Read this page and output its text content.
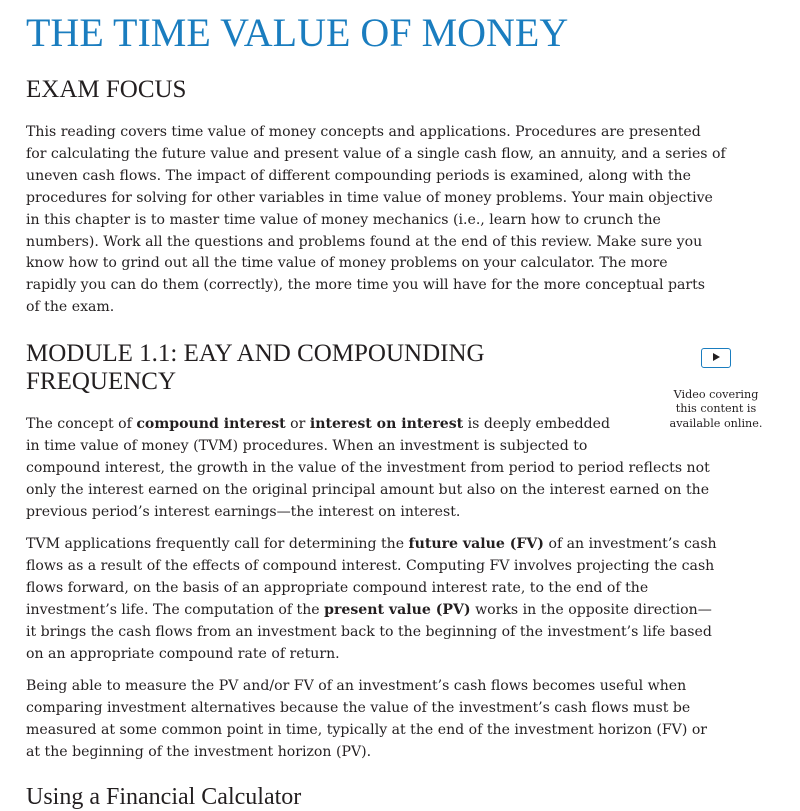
THE TIME VALUE OF MONEY
EXAM FOCUS
This reading covers time value of money concepts and applications. Procedures are presented
for calculating the future value and present value of a single cash flow, an annuity, and a series of
uneven cash flows. The impact of different compounding periods is examined, along with the
procedures for solving for other variables in time value of money problems. Your main objective
in this chapter is to master time value of money mechanics (i.e., learn how to crunch the
numbers). Work all the questions and problems found at the end of this review. Make sure you
know how to grind out all the time value of money problems on your calculator. The more
rapidly you can do them (correctly), the more time you will have for the more conceptual parts
of the exam.
MODULE 1.1: EAY AND COMPOUNDING
FREQUENCY	Video covering
this content is
available online.
The concept of compound interest or interest on interest is deeply embedded
in time value of money (TVM) procedures. When an investment is subjected to
compound interest, the growth in the value of the investment from period to period reflects not
only the interest earned on the original principal amount but also on the interest earned on the
previous period’s interest earnings—the interest on interest.
TVM applications frequently call for determining the future value (FV) of an investment’s cash
flows as a result of the effects of compound interest. Computing FV involves projecting the cash
flows forward, on the basis of an appropriate compound interest rate, to the end of the
investment’s life. The computation of the present value (PV) works in the opposite direction—
it brings the cash flows from an investment back to the beginning of the investment’s life based
on an appropriate compound rate of return.
Being able to measure the PV and/or FV of an investment’s cash flows becomes useful when
comparing investment alternatives because the value of the investment’s cash flows must be
measured at some common point in time, typically at the end of the investment horizon (FV) or
at the beginning of the investment horizon (PV).
Using a Financial Calculator
